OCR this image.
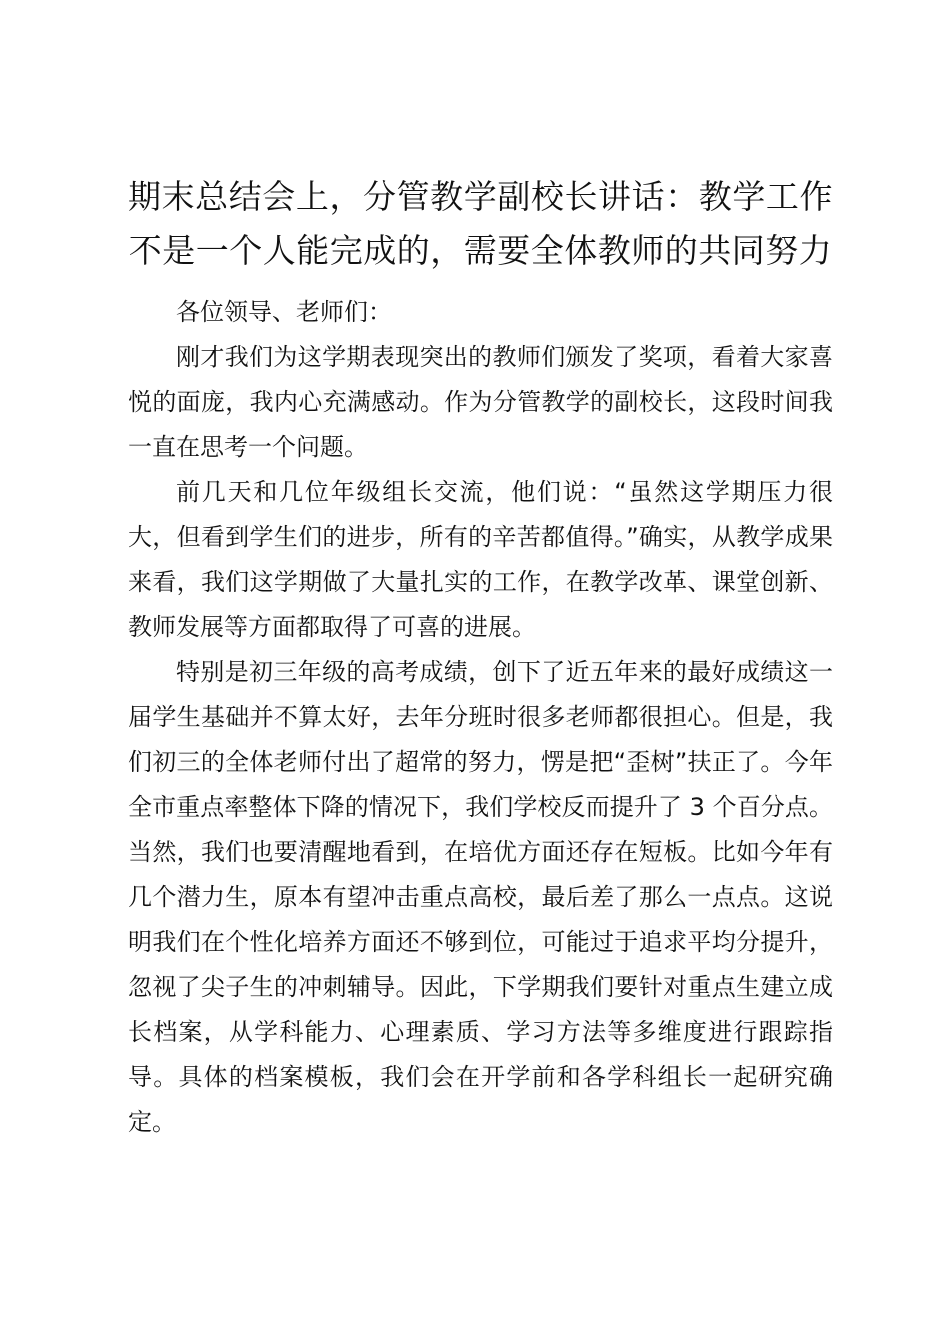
期末总结会上，分管教学副校长讲话：教学工作不是一个人能完成的，需要全体教师的共同努力

各位领导、老师们：

刚才我们为这学期表现突出的教师们颁发了奖项，看着大家喜悦的面庞，我内心充满感动。作为分管教学的副校长，这段时间我一直在思考一个问题。

前几天和几位年级组长交流，他们说：“虽然这学期压力很大，但看到学生们的进步，所有的辛苦都值得。”确实，从教学成果来看，我们这学期做了大量扎实的工作，在教学改革、课堂创新、教师发展等方面都取得了可喜的进展。

特别是初三年级的高考成绩，创下了近五年来的最好成绩这一届学生基础并不算太好，去年分班时很多老师都很担心。但是，我们初三的全体老师付出了超常的努力，愣是把“歪树”扶正了。今年全市重点率整体下降的情况下，我们学校反而提升了 3 个百分点。当然，我们也要清醒地看到，在培优方面还存在短板。比如今年有几个潜力生，原本有望冲击重点高校，最后差了那么一点点。这说明我们在个性化培养方面还不够到位，可能过于追求平均分提升，忽视了尖子生的冲刺辅导。因此，下学期我们要针对重点生建立成长档案，从学科能力、心理素质、学习方法等多维度进行跟踪指导。具体的档案模板，我们会在开学前和各学科组长一起研究确定。
